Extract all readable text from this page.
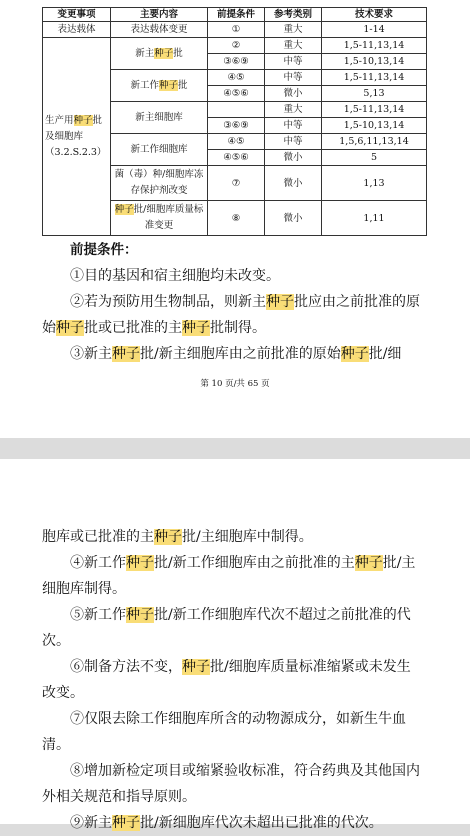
变更事项	主要内容	前提条件	参考类别	技术要求
表达载体	表达载体变更	①	重大	1-14
生产用种子批及细胞库（3.2.S.2.3）	新主种子批	②	重大	1,5-11,13,14
		③⑥⑨	中等	1,5-10,13,14
	新工作种子批	④⑤	中等	1,5-11,13,14
		④⑤⑥	微小	5,13
	新主细胞库		重大	1,5-11,13,14
		③⑥⑨	中等	1,5-10,13,14
	新工作细胞库	④⑤	中等	1,5,6,11,13,14
		④⑤⑥	微小	5
	菌（毒）种/细胞库冻存保护剂改变	⑦	微小	1,13
	种子批/细胞库质量标准变更	⑧	微小	1,11
前提条件：
①目的基因和宿主细胞均未改变。
②若为预防用生物制品，则新主种子批应由之前批准的原始种子批或已批准的主种子批制得。
③新主种子批/新主细胞库由之前批准的原始种子批/细
第 10 页/共 65 页
胞库或已批准的主种子批/主细胞库中制得。
④新工作种子批/新工作细胞库由之前批准的主种子批/主细胞库制得。
⑤新工作种子批/新工作细胞库代次不超过之前批准的代次。
⑥制备方法不变，种子批/细胞库质量标准缩紧或未发生改变。
⑦仅限去除工作细胞库所含的动物源成分，如新生牛血清。
⑧增加新检定项目或缩紧验收标准，符合药典及其他国内外相关规范和指导原则。
⑨新主种子批/新细胞库代次未超出已批准的代次。
